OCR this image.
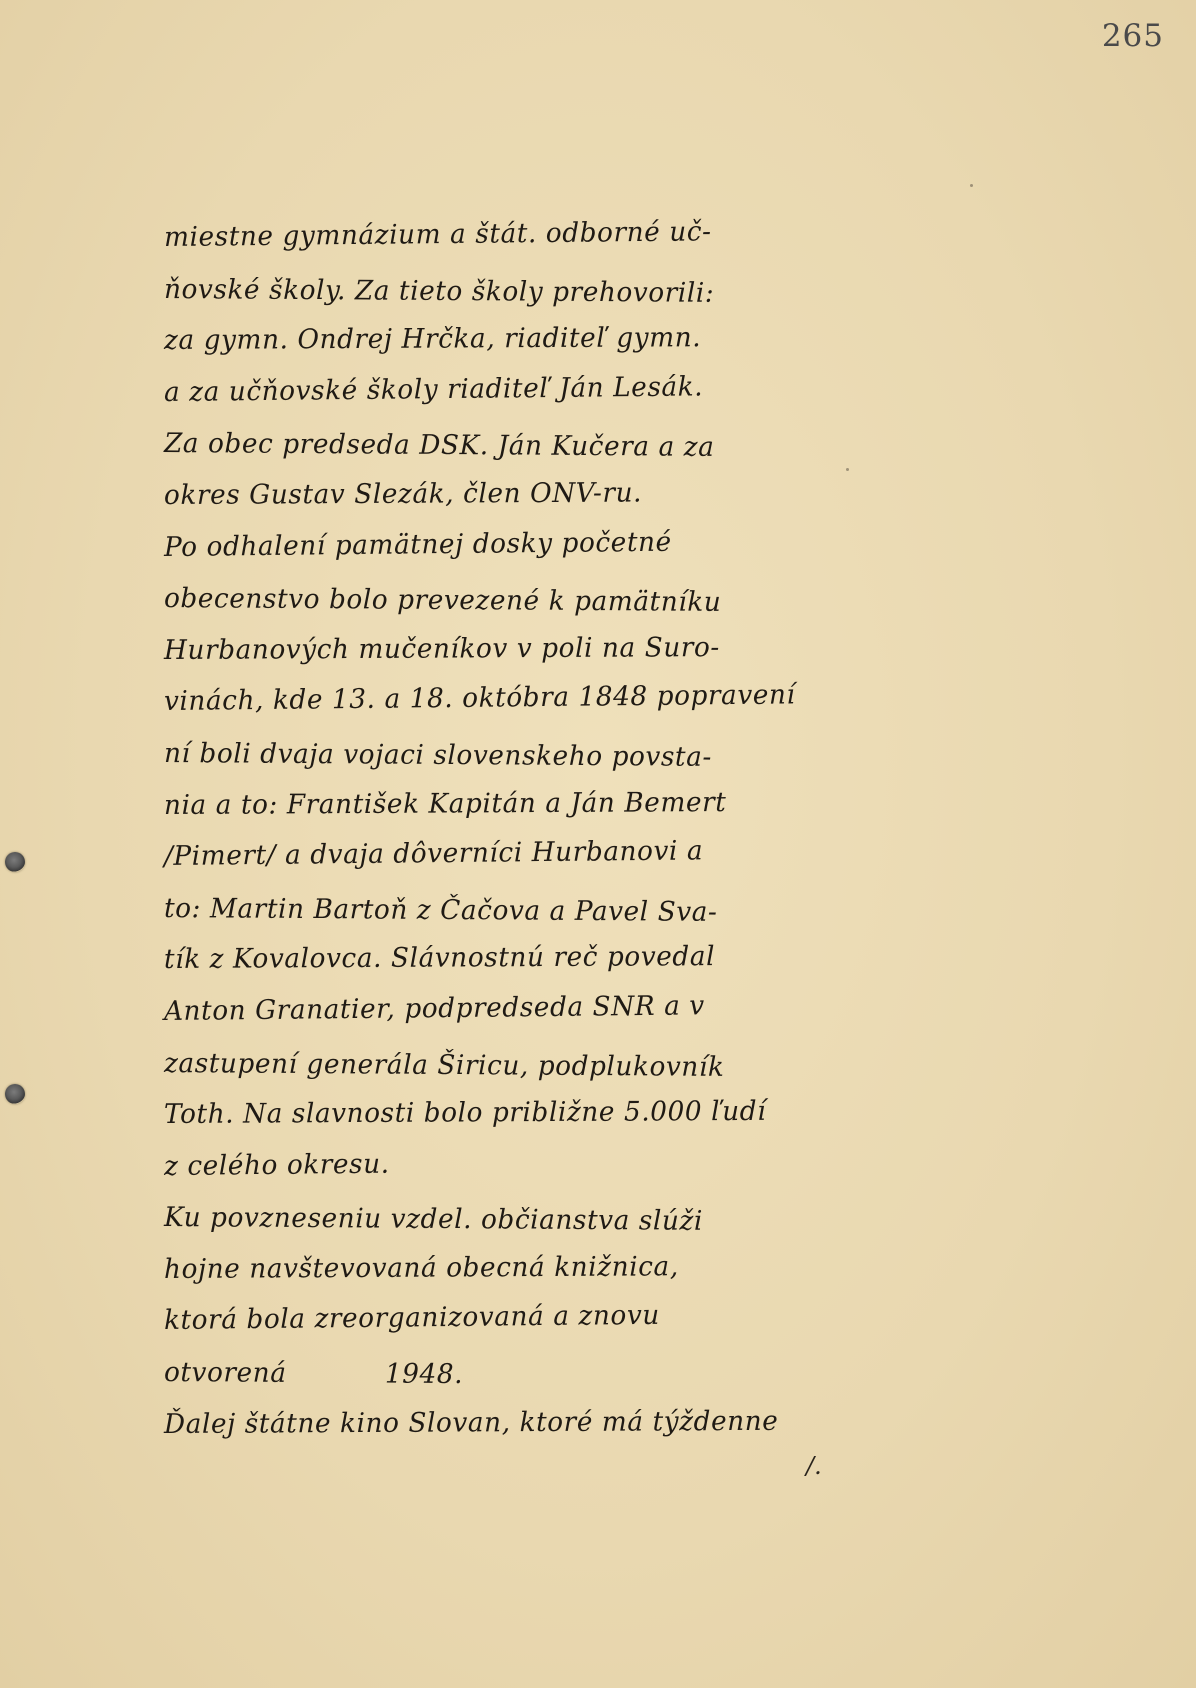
265
miestne gymnázium a štát. odborné uč-
ňovské školy. Za tieto školy prehovorili:
za gymn. Ondrej Hrčka, riaditeľ gymn.
a za učňovské školy riaditeľ Ján Lesák.
Za obec predseda DSK. Ján Kučera a za
okres Gustav Slezák, člen ONV-ru.
Po odhalení pamätnej dosky početné
obecenstvo bolo prevezené k pamätníku
Hurbanových mučeníkov v poli na Suro-
vinách, kde 13. a 18. októbra 1848 popravení
ní boli dvaja vojaci slovenskeho povsta-
nia a to: František Kapitán a Ján Bemert
/Pimert/ a dvaja dôverníci Hurbanovi a
to: Martin Bartoň z Čačova a Pavel Sva-
tík z Kovalovca. Slávnostnú reč povedal
Anton Granatier, podpredseda SNR a v
zastupení generála Širicu, podplukovník
Toth. Na slavnosti bolo približne 5.000 ľudí
z celého okresu.
Ku povzneseniu vzdel. občianstva slúži
hojne navštevovaná obecná knižnica,
ktorá bola zreorganizovaná a znovu
otvorená           1948.
Ďalej štátne kino Slovan, ktoré má týždenne
/.
